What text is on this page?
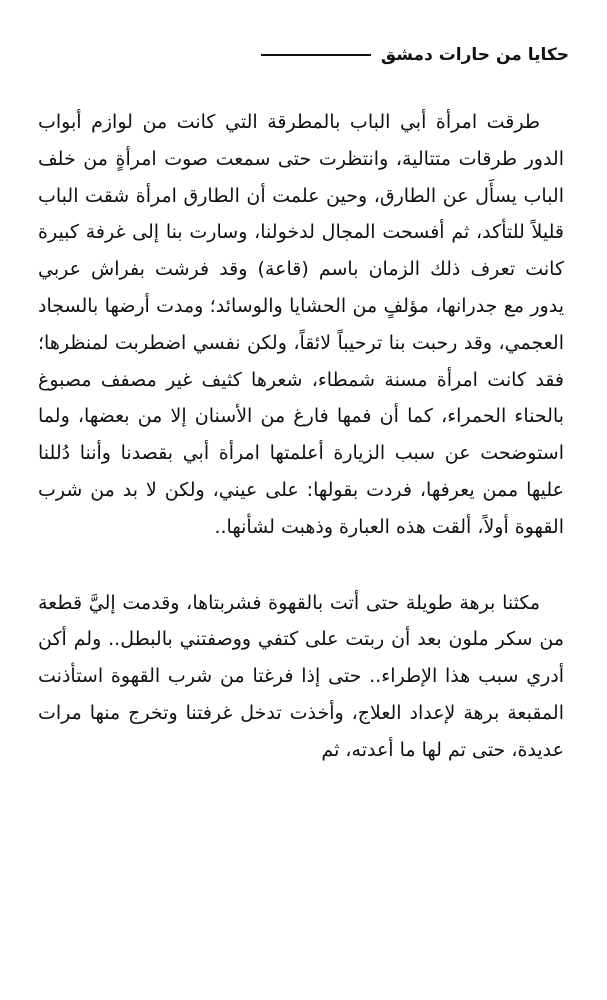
حكايا من حارات دمشق

طرقت امرأة أبي الباب بالمطرقة التي كانت من لوازم أبواب الدور طرقات متتالية، وانتظرت حتى سمعت صوت امرأةٍ من خلف الباب يسأَل عن الطارق، وحين علمت أن الطارق امرأة شقت الباب قليلاً للتأكد، ثم أفسحت المجال لدخولنا، وسارت بنا إلى غرفة كبيرة كانت تعرف ذلك الزمان باسم (قاعة) وقد فرشت بفراش عربي يدور مع جدرانها، مؤلفٍ من الحشايا والوسائد؛ ومدت أرضها بالسجاد العجمي، وقد رحبت بنا ترحيباً لائقاً، ولكن نفسي اضطربت لمنظرها؛ فقد كانت امرأة مسنة شمطاء، شعرها كثيف غير مصفف مصبوغ بالحناء الحمراء، كما أن فمها فارغ من الأسنان إلا من بعضها، ولما استوضحت عن سبب الزيارة أعلمتها امرأة أبي بقصدنا وأننا دُللنا عليها ممن يعرفها، فردت بقولها: على عيني، ولكن لا بد من شرب القهوة أولاً، ألقت هذه العبارة وذهبت لشأنها..

مكثنا برهة طويلة حتى أتت بالقهوة فشربتاها، وقدمت إليَّ قطعة من سكر ملون بعد أن ربتت على كتفي ووصفتني بالبطل.. ولم أكن أدري سبب هذا الإطراء.. حتى إذا فرغتا من شرب القهوة استأذنت المقبعة برهة لإعداد العلاج، وأخذت تدخل غرفتنا وتخرج منها مرات عديدة، حتى تم لها ما أعدته، ثم
